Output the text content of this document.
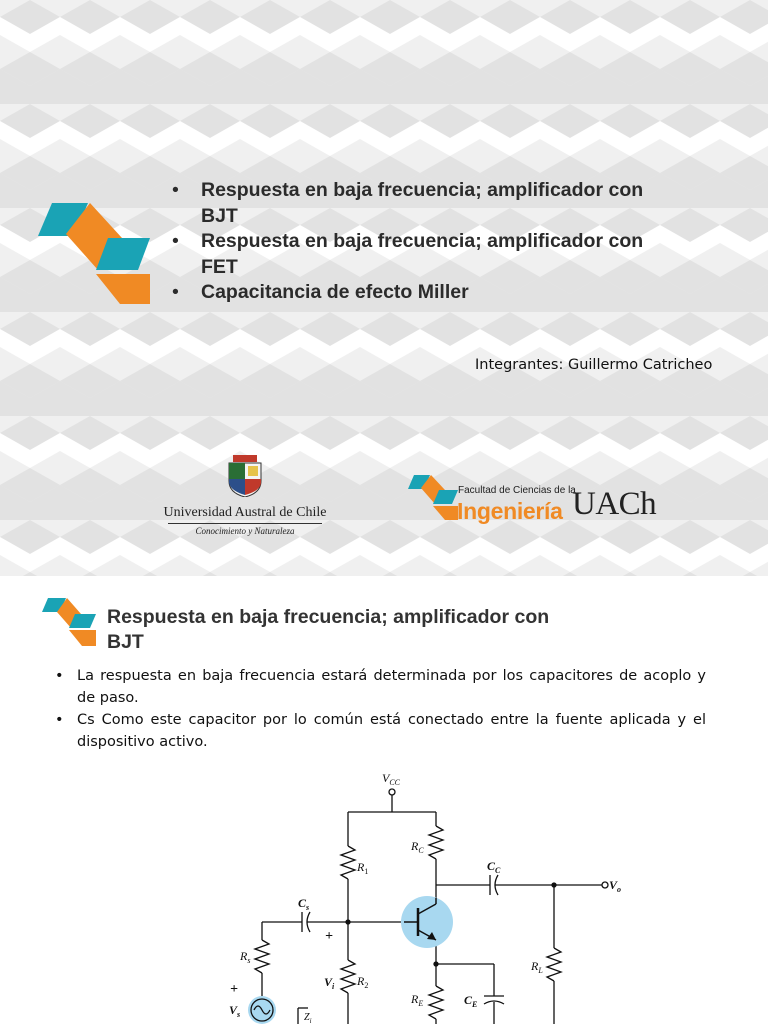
• Respuesta en baja frecuencia; amplificador con BJT
• Respuesta en baja frecuencia; amplificador con FET
• Capacitancia de efecto Miller
Integrantes: Guillermo Catricheo
Universidad Austral de Chile
Conocimiento y Naturaleza
Facultad de Ciencias de la
Ingeniería UACh
Respuesta en baja frecuencia; amplificador con BJT
• La respuesta en baja frecuencia estará determinada por los capacitores de acoplo y de paso.
• Cs Como este capacitor por lo común está conectado entre la fuente aplicada y el dispositivo activo.
$V_{CC}$
$R_1$
$R_C$
$C_C$
$V_o$
$C_s$
+
$R_s$
+
$V_s$
$V_i$ $R_2$
$R_E$	$C_E$
$R_L$
$Z_i$
